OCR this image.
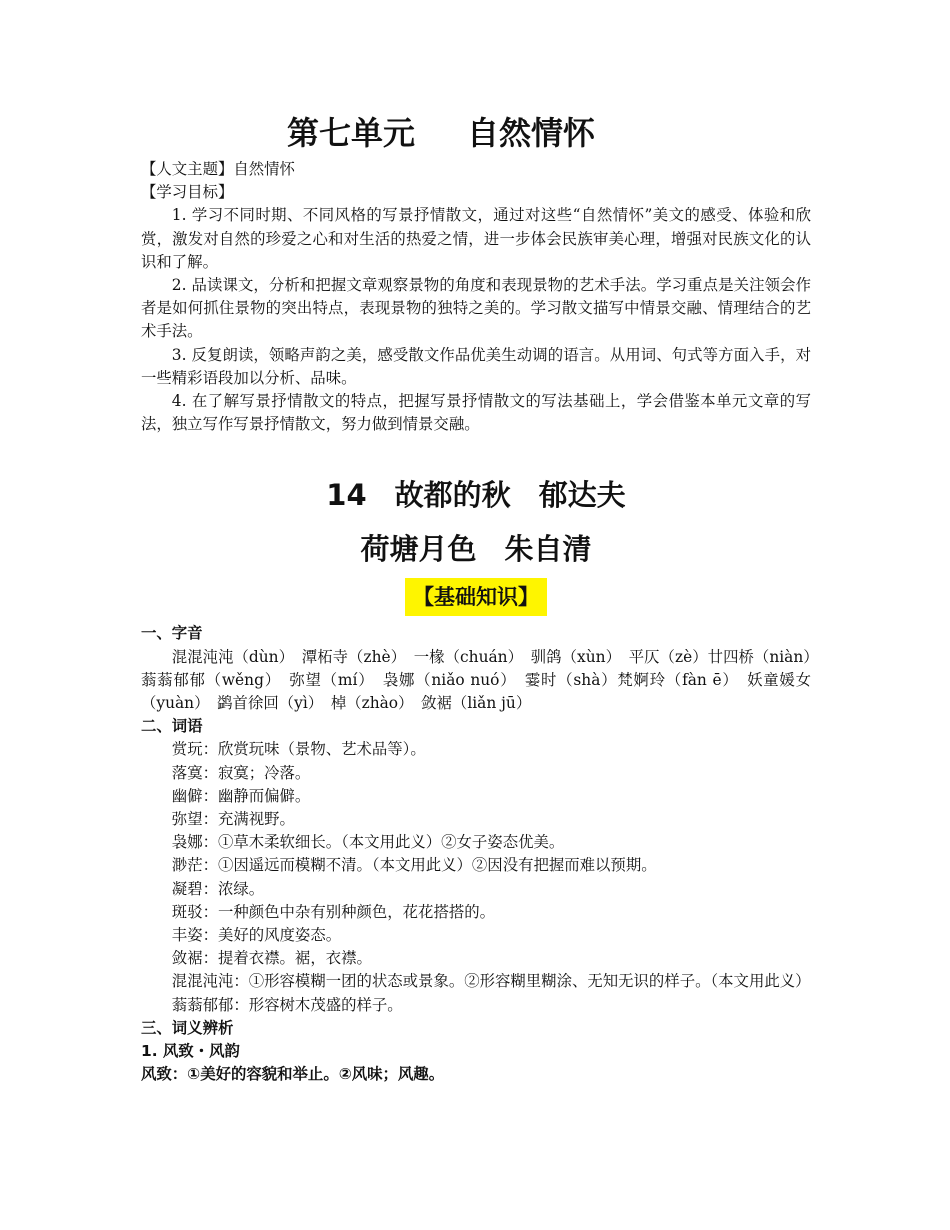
第七单元 自然情怀

【人文主题】自然情怀

【学习目标】

1. 学习不同时期、不同风格的写景抒情散文，通过对这些“自然情怀”美文的感受、体验和欣赏，激发对自然的珍爱之心和对生活的热爱之情，进一步体会民族审美心理，增强对民族文化的认识和了解。

2. 品读课文，分析和把握文章观察景物的角度和表现景物的艺术手法。学习重点是关注领会作者是如何抓住景物的突出特点，表现景物的独特之美的。学习散文描写中情景交融、情理结合的艺术手法。

3. 反复朗读，领略声韵之美，感受散文作品优美生动调的语言。从用词、句式等方面入手，对一些精彩语段加以分析、品味。

4. 在了解写景抒情散文的特点，把握写景抒情散文的写法基础上，学会借鉴本单元文章的写法，独立写作写景抒情散文，努力做到情景交融。

14 故都的秋 郁达夫
荷塘月色 朱自清
【基础知识】

一、字音

混混沌沌（dùn）　潭柘寺（zhè）　一椽（chuán）　驯鸽（xùn）　平仄（zè）廿四桥（niàn）　蓊蓊郁郁（wěng）　弥望（mí）　袅娜（niǎo nuó）　霎时（shà）梵婀玲（fàn ē）　妖童媛女（yuàn）　鹢首徐回（yì）　棹（zhào）　敛裾（liǎn jū）

二、词语

赏玩：欣赏玩味（景物、艺术品等）。

落寞：寂寞；冷落。

幽僻：幽静而偏僻。

弥望：充满视野。

袅娜：①草木柔软细长。（本文用此义）②女子姿态优美。

渺茫：①因遥远而模糊不清。（本文用此义）②因没有把握而难以预期。

凝碧：浓绿。

斑驳：一种颜色中杂有别种颜色，花花搭搭的。

丰姿：美好的风度姿态。

敛裾：提着衣襟。裾，衣襟。

混混沌沌：①形容模糊一团的状态或景象。②形容糊里糊涂、无知无识的样子。（本文用此义）

蓊蓊郁郁：形容树木茂盛的样子。

三、词义辨析

1. 风致・风韵

风致：①美好的容貌和举止。②风味；风趣。
